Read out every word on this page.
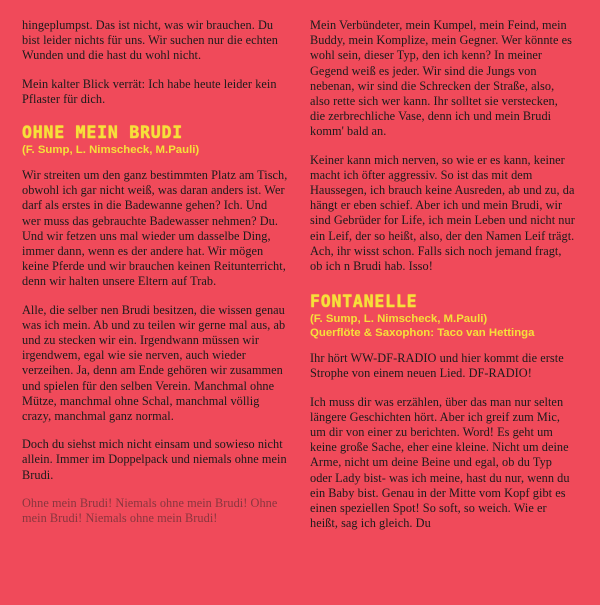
hingeplumpst. Das ist nicht, was wir brauchen. Du bist leider nichts für uns. Wir suchen nur die echten Wunden und die hast du wohl nicht.

Mein kalter Blick verrät: Ich habe heute leider kein Pflaster für dich.

OHNE MEIN BRUDI
(F. Sump, L. Nimscheck, M.Pauli)

Wir streiten um den ganz bestimmten Platz am Tisch, obwohl ich gar nicht weiß, was daran anders ist. Wer darf als erstes in die Badewanne gehen? Ich. Und wer muss das gebrauchte Badewasser nehmen? Du. Und wir fetzen uns mal wieder um dasselbe Ding, immer dann, wenn es der andere hat. Wir mögen keine Pferde und wir brauchen keinen Reitunterricht, denn wir halten unsere Eltern auf Trab.

Alle, die selber nen Brudi besitzen, die wissen genau was ich mein. Ab und zu teilen wir gerne mal aus, ab und zu stecken wir ein. Irgendwann müssen wir irgendwem, egal wie sie nerven, auch wieder verzeihen. Ja, denn am Ende gehören wir zusammen und spielen für den selben Verein. Manchmal ohne Mütze, manchmal ohne Schal, manchmal völlig crazy, manchmal ganz normal.

Doch du siehst mich nicht einsam und sowieso nicht allein. Immer im Doppelpack und niemals ohne mein Brudi.

Ohne mein Brudi! Niemals ohne mein Brudi! Ohne mein Brudi! Niemals ohne mein Brudi!

Mein Verbündeter, mein Kumpel, mein Feind, mein Buddy, mein Komplize, mein Gegner. Wer könnte es wohl sein, dieser Typ, den ich kenn? In meiner Gegend weiß es jeder. Wir sind die Jungs von nebenan, wir sind die Schrecken der Straße, also, also rette sich wer kann. Ihr solltet sie verstecken, die zerbrechliche Vase, denn ich und mein Brudi komm' bald an.

Keiner kann mich nerven, so wie er es kann, keiner macht ich öfter aggressiv. So ist das mit dem Haussegen, ich brauch keine Ausreden, ab und zu, da hängt er eben schief. Aber ich und mein Brudi, wir sind Gebrüder for Life, ich mein Leben und nicht nur ein Leif, der so heißt, also, der den Namen Leif trägt. Ach, ihr wisst schon. Falls sich noch jemand fragt, ob ich n Brudi hab. Isso!

FONTANELLE
(F. Sump, L. Nimscheck, M.Pauli)
Querflöte & Saxophon: Taco van Hettinga

Ihr hört WW-DF-RADIO und hier kommt die erste Strophe von einem neuen Lied. DF-RADIO!

Ich muss dir was erzählen, über das man nur selten längere Geschichten hört. Aber ich greif zum Mic, um dir von einer zu berichten. Word! Es geht um keine große Sache, eher eine kleine. Nicht um deine Arme, nicht um deine Beine und egal, ob du Typ oder Lady bist- was ich meine, hast du nur, wenn du ein Baby bist. Genau in der Mitte vom Kopf gibt es einen speziellen Spot! So soft, so weich. Wie er heißt, sag ich gleich. Du
